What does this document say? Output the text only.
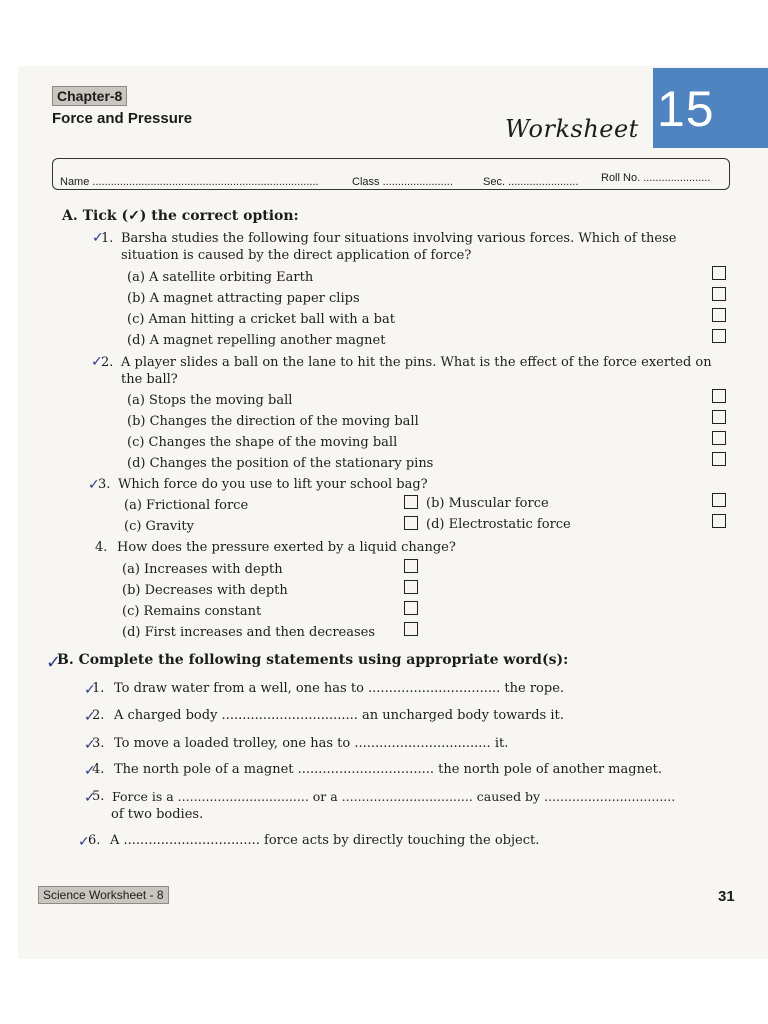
Chapter-8
Force and Pressure	Worksheet 15
Name ..........................................................................	Class .......................	Sec. ....................... Roll No. ......................
A. Tick (✓) the correct option:
✓
1. Barsha studies the following four situations involving various forces. Which of these
situation is caused by the direct application of force?
(a) A satellite orbiting Earth
(b) A magnet attracting paper clips
(c) Aman hitting a cricket ball with a bat
(d) A magnet repelling another magnet
✓
2. A player slides a ball on the lane to hit the pins. What is the effect of the force exerted on
the ball?
(a) Stops the moving ball
(b) Changes the direction of the moving ball
(c) Changes the shape of the moving ball
(d) Changes the position of the stationary pins
✓
3. Which force do you use to lift your school bag?
(a) Frictional force	(b) Muscular force
(c) Gravity	(d) Electrostatic force
4. How does the pressure exerted by a liquid change?
(a) Increases with depth
(b) Decreases with depth
(c) Remains constant
(d) First increases and then decreases
✓
B. Complete the following statements using appropriate word(s):
✓
1. To draw water from a well, one has to ................................ the rope.
✓
2. A charged body ................................. an uncharged body towards it.
✓
3. To move a loaded trolley, one has to ................................. it.
✓
4. The north pole of a magnet ................................. the north pole of another magnet.
✓
5. Force is a ................................. or a ................................. caused by .................................
of two bodies.
✓
6. A ................................. force acts by directly touching the object.
Science Worksheet - 8	31
